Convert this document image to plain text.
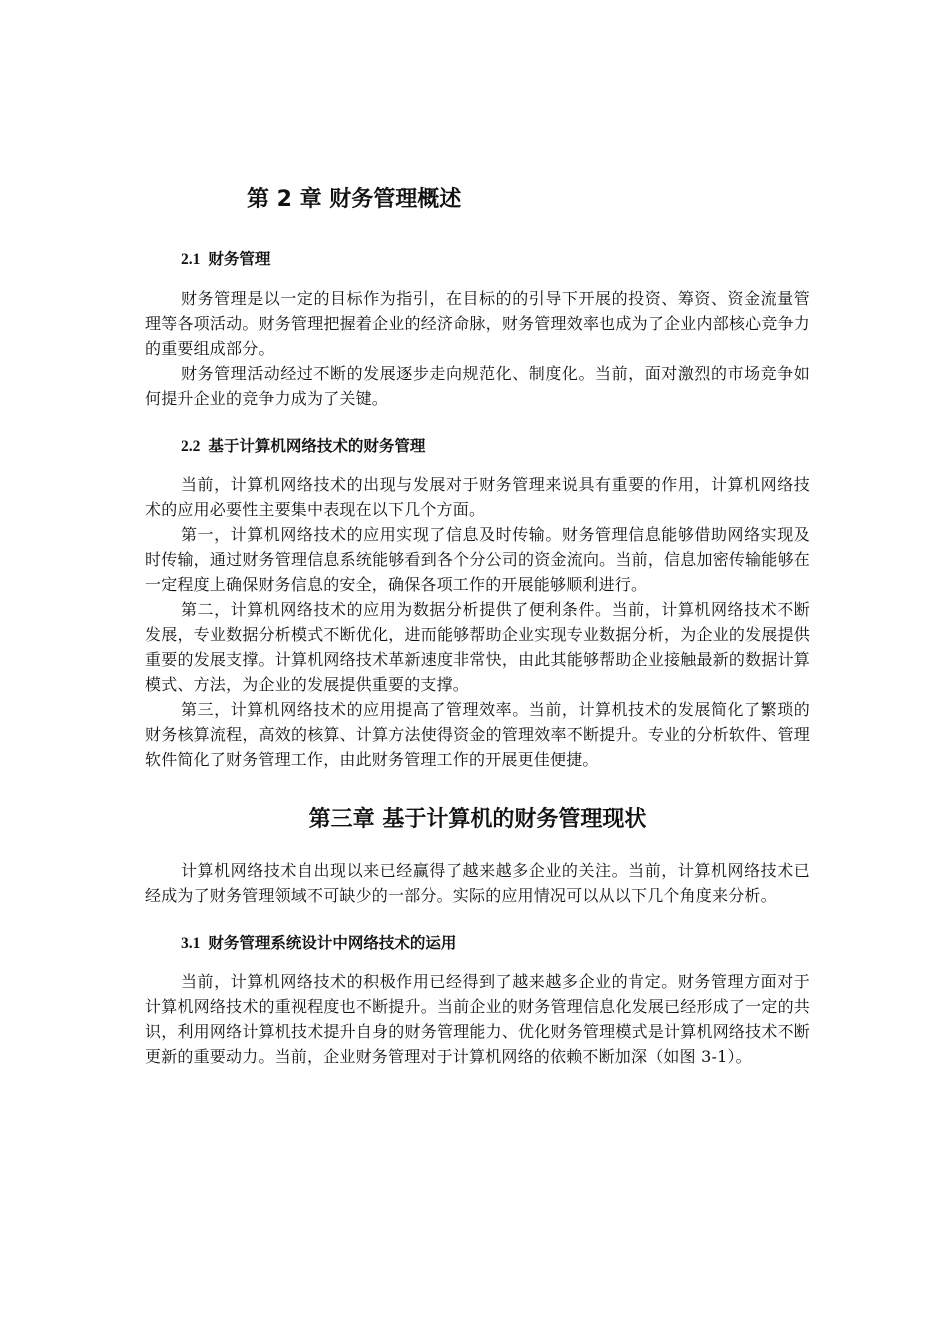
第 2 章 财务管理概述
2.1 财务管理

财务管理是以一定的目标作为指引，在目标的的引导下开展的投资、筹资、资金流量管理等各项活动。财务管理把握着企业的经济命脉，财务管理效率也成为了企业内部核心竞争力的重要组成部分。

财务管理活动经过不断的发展逐步走向规范化、制度化。当前，面对激烈的市场竞争如何提升企业的竞争力成为了关键。

2.2 基于计算机网络技术的财务管理

当前，计算机网络技术的出现与发展对于财务管理来说具有重要的作用，计算机网络技术的应用必要性主要集中表现在以下几个方面。

第一，计算机网络技术的应用实现了信息及时传输。财务管理信息能够借助网络实现及时传输，通过财务管理信息系统能够看到各个分公司的资金流向。当前，信息加密传输能够在一定程度上确保财务信息的安全，确保各项工作的开展能够顺利进行。

第二，计算机网络技术的应用为数据分析提供了便利条件。当前，计算机网络技术不断发展，专业数据分析模式不断优化，进而能够帮助企业实现专业数据分析，为企业的发展提供重要的发展支撑。计算机网络技术革新速度非常快，由此其能够帮助企业接触最新的数据计算模式、方法，为企业的发展提供重要的支撑。

第三，计算机网络技术的应用提高了管理效率。当前，计算机技术的发展简化了繁琐的财务核算流程，高效的核算、计算方法使得资金的管理效率不断提升。专业的分析软件、管理软件简化了财务管理工作，由此财务管理工作的开展更佳便捷。

第三章 基于计算机的财务管理现状

计算机网络技术自出现以来已经赢得了越来越多企业的关注。当前，计算机网络技术已经成为了财务管理领域不可缺少的一部分。实际的应用情况可以从以下几个角度来分析。

3.1 财务管理系统设计中网络技术的运用

当前，计算机网络技术的积极作用已经得到了越来越多企业的肯定。财务管理方面对于计算机网络技术的重视程度也不断提升。当前企业的财务管理信息化发展已经形成了一定的共识，利用网络计算机技术提升自身的财务管理能力、优化财务管理模式是计算机网络技术不断更新的重要动力。当前，企业财务管理对于计算机网络的依赖不断加深（如图 3-1）。
